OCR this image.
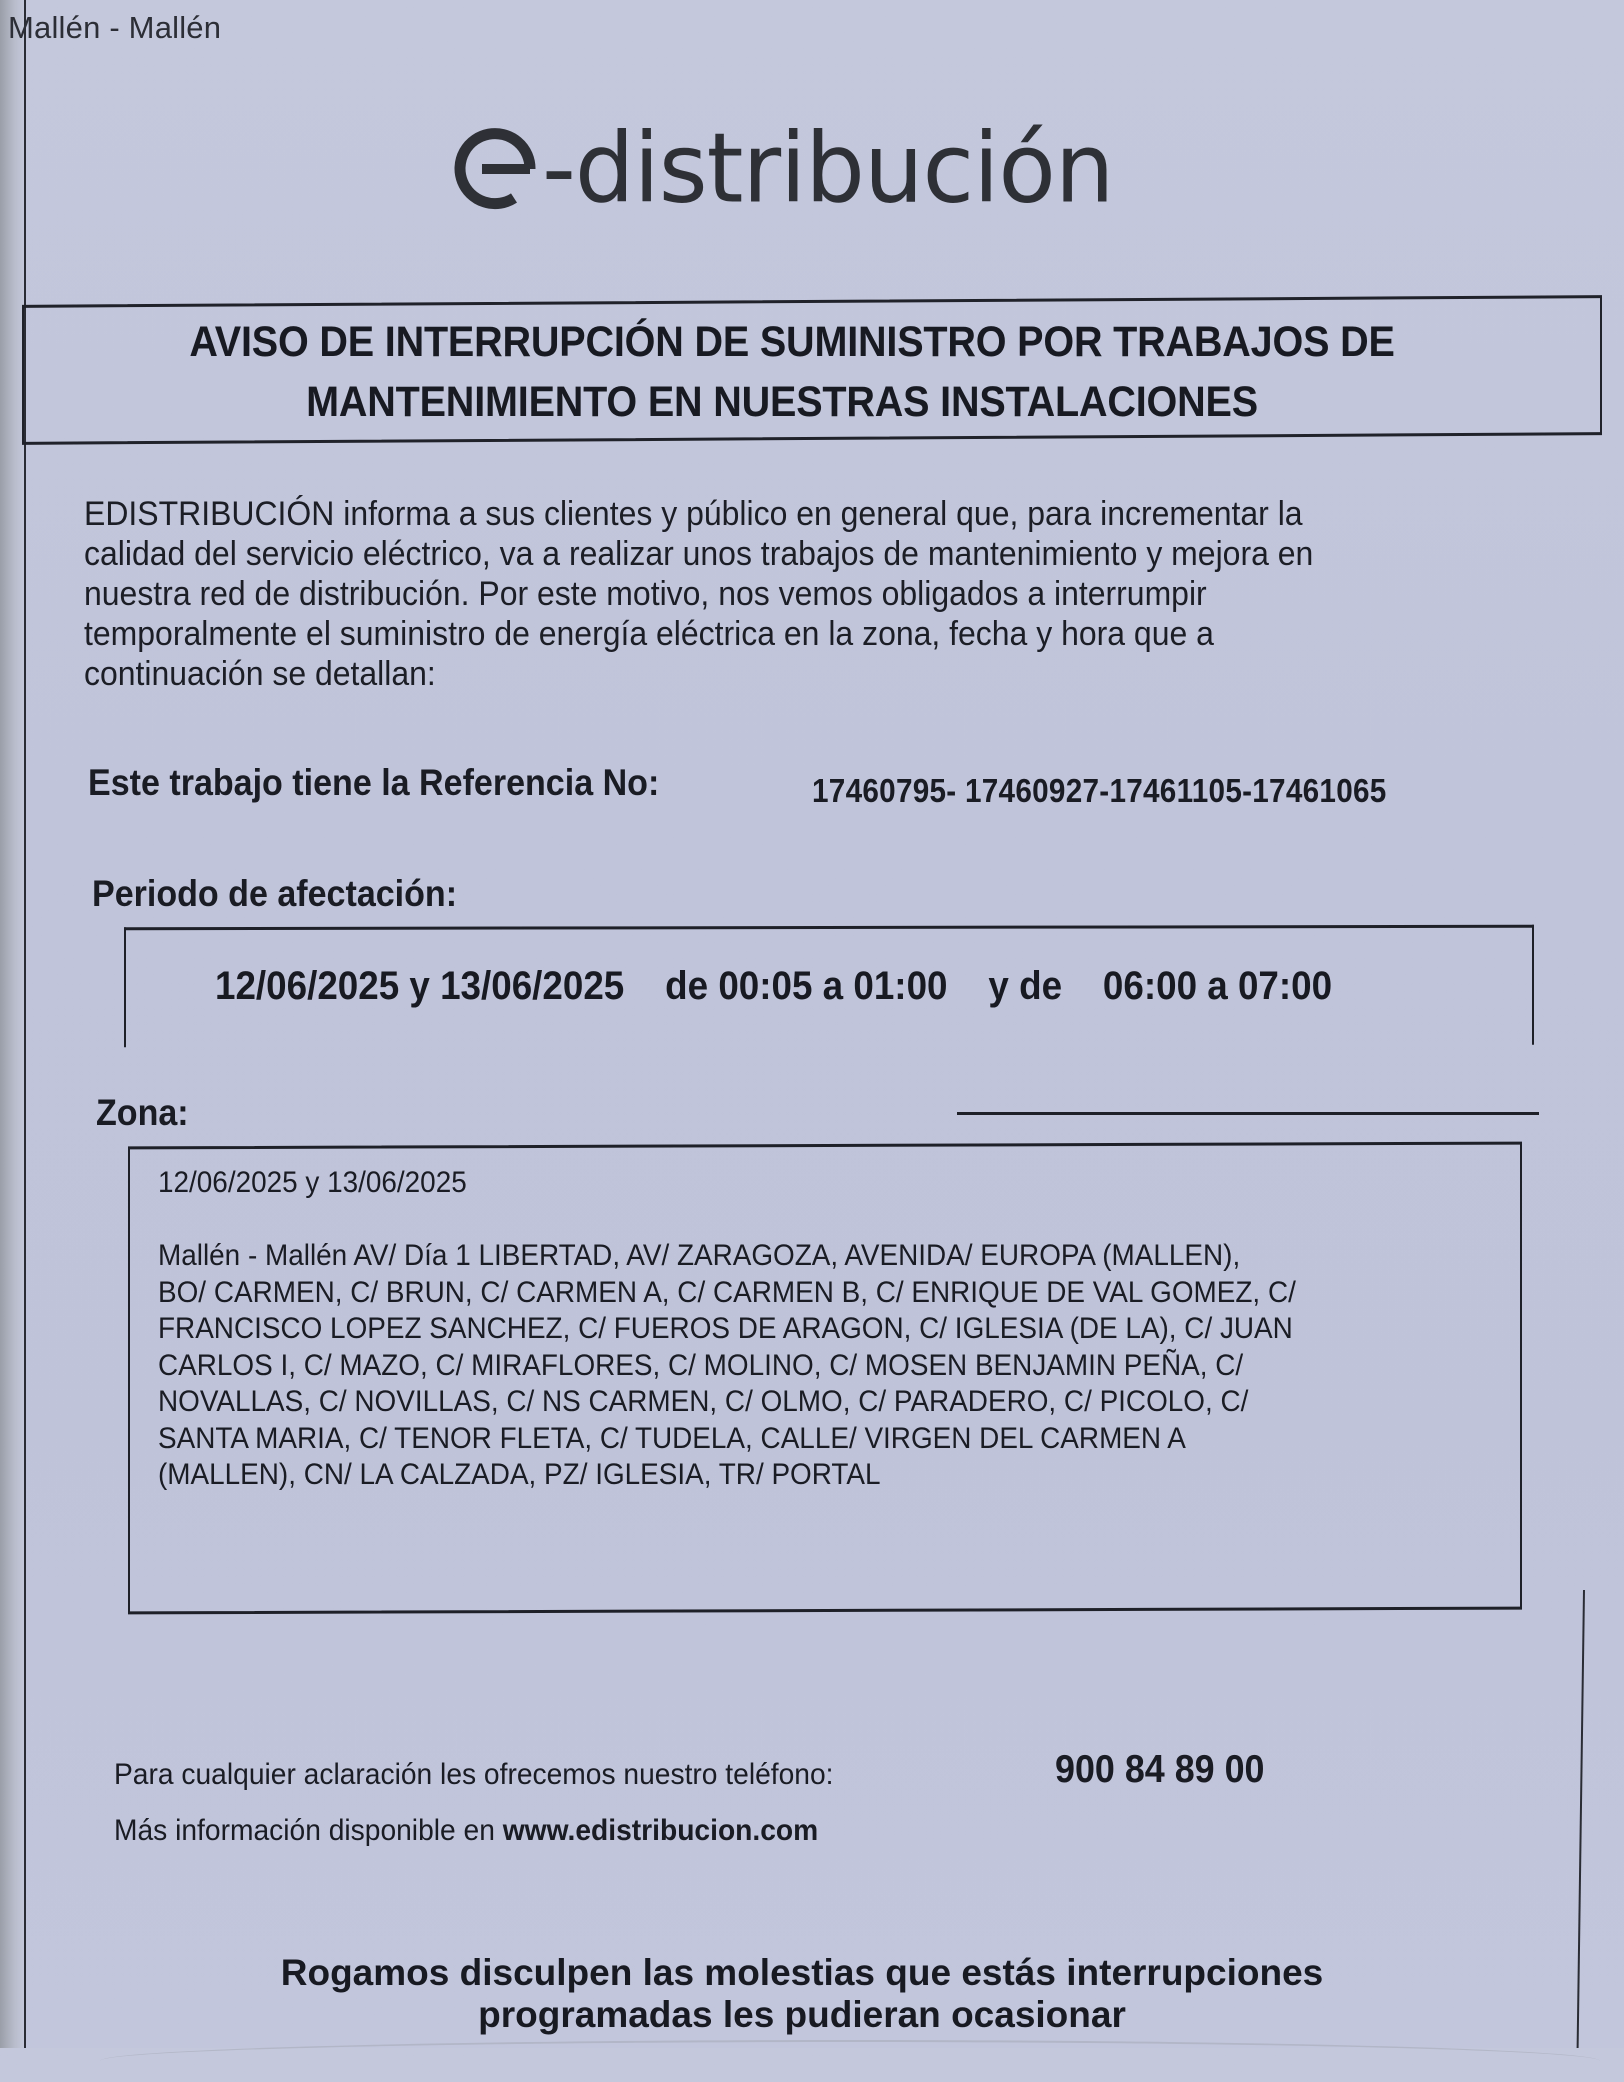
Mallén - Mallén
-distribución
AVISO DE INTERRUPCIÓN DE SUMINISTRO POR TRABAJOS DE
MANTENIMIENTO EN NUESTRAS INSTALACIONES
EDISTRIBUCIÓN informa a sus clientes y público en general que, para incrementar la
calidad del servicio eléctrico, va a realizar unos trabajos de mantenimiento y mejora en
nuestra red de distribución. Por este motivo, nos vemos obligados a interrumpir
temporalmente el suministro de energía eléctrica en la zona, fecha y hora que a
continuación se detallan:
Este trabajo tiene la Referencia No:	17460795- 17460927-17461105-17461065
Periodo de afectación:
12/06/2025 y 13/06/2025    de 00:05 a 01:00    y de    06:00 a 07:00
Zona:
12/06/2025 y 13/06/2025
Mallén - Mallén AV/ Día 1 LIBERTAD, AV/ ZARAGOZA, AVENIDA/ EUROPA (MALLEN),
BO/ CARMEN, C/ BRUN, C/ CARMEN A, C/ CARMEN B, C/ ENRIQUE DE VAL GOMEZ, C/
FRANCISCO LOPEZ SANCHEZ, C/ FUEROS DE ARAGON, C/ IGLESIA (DE LA), C/ JUAN
CARLOS I, C/ MAZO, C/ MIRAFLORES, C/ MOLINO, C/ MOSEN BENJAMIN PEÑA, C/
NOVALLAS, C/ NOVILLAS, C/ NS CARMEN, C/ OLMO, C/ PARADERO, C/ PICOLO, C/
SANTA MARIA, C/ TENOR FLETA, C/ TUDELA, CALLE/ VIRGEN DEL CARMEN A
(MALLEN), CN/ LA CALZADA, PZ/ IGLESIA, TR/ PORTAL
Para cualquier aclaración les ofrecemos nuestro teléfono:	900 84 89 00
Más información disponible en www.edistribucion.com
Rogamos disculpen las molestias que estás interrupciones
programadas les pudieran ocasionar
